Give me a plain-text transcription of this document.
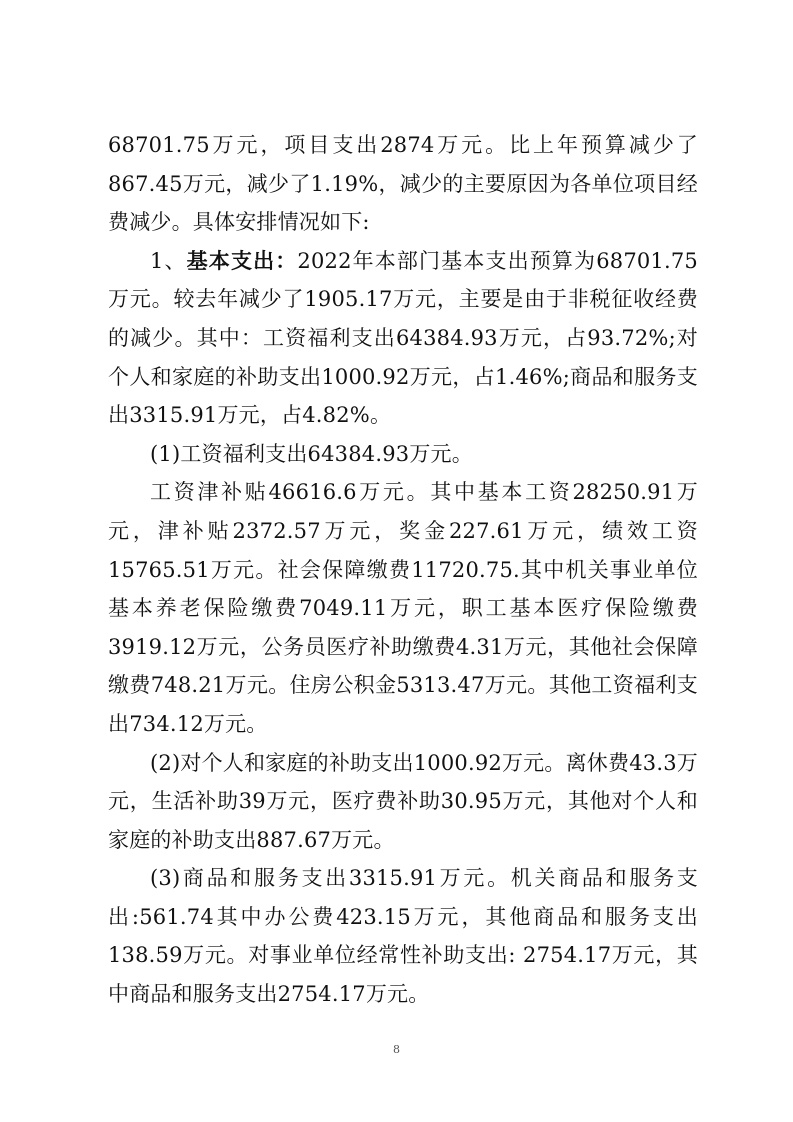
68701.75万元，项目支出2874万元。比上年预算减少了867.45万元，减少了1.19%，减少的主要原因为各单位项目经费减少。具体安排情况如下:

1、基本支出：2022年本部门基本支出预算为68701.75万元。较去年减少了1905.17万元，主要是由于非税征收经费的减少。其中：工资福利支出64384.93万元，占93.72%;对个人和家庭的补助支出1000.92万元，占1.46%;商品和服务支出3315.91万元，占4.82%。

(1)工资福利支出64384.93万元。

工资津补贴46616.6万元。其中基本工资28250.91万元，津补贴2372.57万元，奖金227.61万元，绩效工资15765.51万元。社会保障缴费11720.75.其中机关事业单位基本养老保险缴费7049.11万元，职工基本医疗保险缴费3919.12万元，公务员医疗补助缴费4.31万元，其他社会保障缴费748.21万元。住房公积金5313.47万元。其他工资福利支出734.12万元。

(2)对个人和家庭的补助支出1000.92万元。离休费43.3万元，生活补助39万元，医疗费补助30.95万元，其他对个人和家庭的补助支出887.67万元。

(3)商品和服务支出3315.91万元。机关商品和服务支出:561.74其中办公费423.15万元，其他商品和服务支出138.59万元。对事业单位经常性补助支出: 2754.17万元，其中商品和服务支出2754.17万元。

8
